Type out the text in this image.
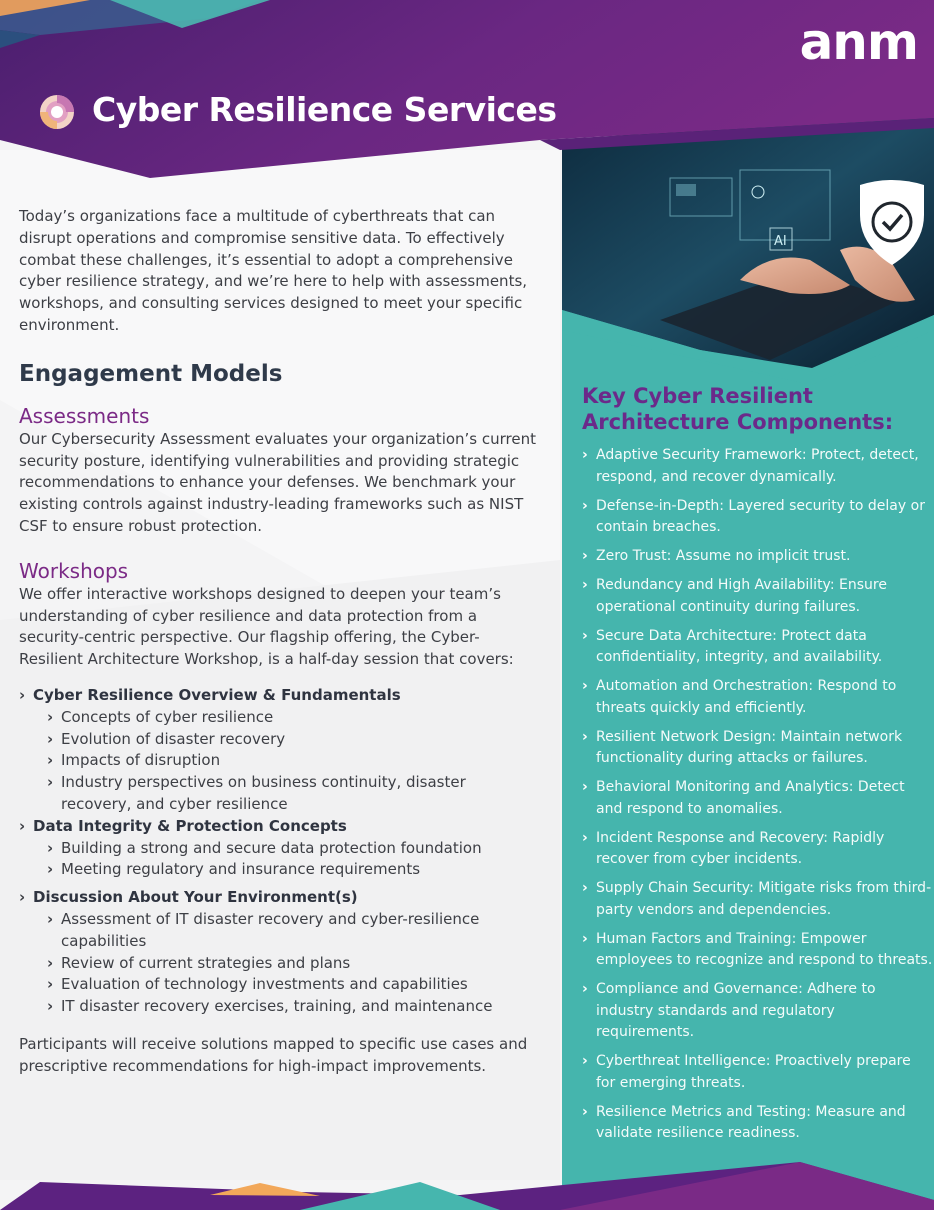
AI
anm
Cyber Resilience Services

Today’s organizations face a multitude of cyberthreats that can disrupt operations and compromise sensitive data. To effectively combat these challenges, it’s essential to adopt a comprehensive cyber resilience strategy, and we’re here to help with assessments, workshops, and consulting services designed to meet your specific environment.

Engagement Models
Assessments

Our Cybersecurity Assessment evaluates your organization’s current security posture, identifying vulnerabilities and providing strategic recommendations to enhance your defenses. We benchmark your existing controls against industry-leading frameworks such as NIST CSF to ensure robust protection.

Workshops

We offer interactive workshops designed to deepen your team’s understanding of cyber resilience and data protection from a security-centric perspective. Our flagship offering, the Cyber-Resilient Architecture Workshop, is a half-day session that covers:

› Cyber Resilience Overview & Fundamentals
› Concepts of cyber resilience
› Evolution of disaster recovery
› Impacts of disruption
› Industry perspectives on business continuity, disaster recovery, and cyber resilience
› Data Integrity & Protection Concepts
› Building a strong and secure data protection foundation
› Meeting regulatory and insurance requirements
› Discussion About Your Environment(s)
› Assessment of IT disaster recovery and cyber-resilience capabilities
› Review of current strategies and plans
› Evaluation of technology investments and capabilities
› IT disaster recovery exercises, training, and maintenance

Participants will receive solutions mapped to specific use cases and prescriptive recommendations for high-impact improvements.

Key Cyber Resilient Architecture Components:
› Adaptive Security Framework: Protect, detect, respond, and recover dynamically.
› Defense-in-Depth: Layered security to delay or contain breaches.
› Zero Trust: Assume no implicit trust.
› Redundancy and High Availability: Ensure operational continuity during failures.
› Secure Data Architecture: Protect data confidentiality, integrity, and availability.
› Automation and Orchestration: Respond to threats quickly and efficiently.
› Resilient Network Design: Maintain network functionality during attacks or failures.
› Behavioral Monitoring and Analytics: Detect and respond to anomalies.
› Incident Response and Recovery: Rapidly recover from cyber incidents.
› Supply Chain Security: Mitigate risks from third-party vendors and dependencies.
› Human Factors and Training: Empower employees to recognize and respond to threats.
› Compliance and Governance: Adhere to industry standards and regulatory requirements.
› Cyberthreat Intelligence: Proactively prepare for emerging threats.
› Resilience Metrics and Testing: Measure and validate resilience readiness.
